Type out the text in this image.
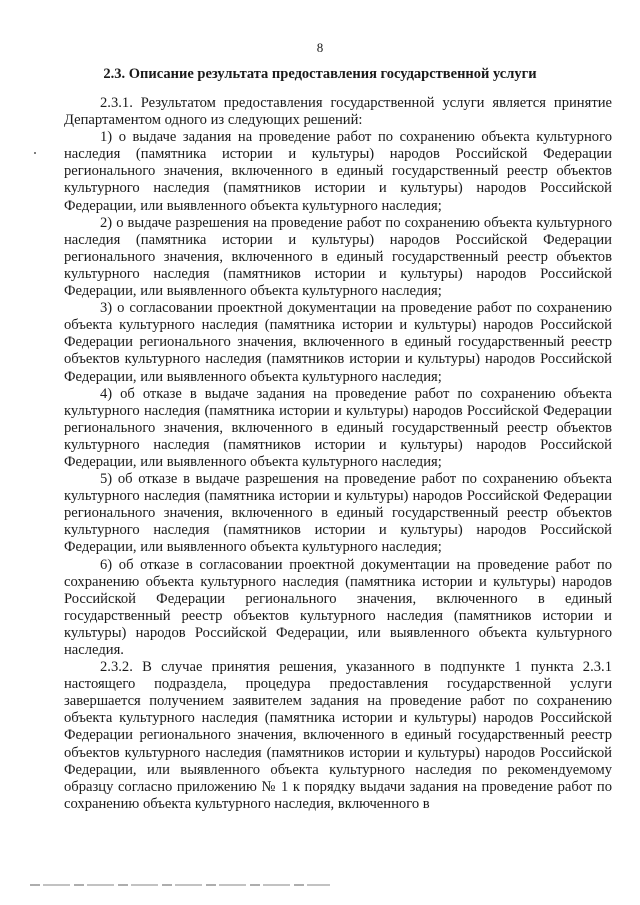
8
2.3. Описание результата предоставления государственной услуги

2.3.1. Результатом предоставления государственной услуги является принятие Департаментом одного из следующих решений:

1) о выдаче задания на проведение работ по сохранению объекта культурного наследия (памятника истории и культуры) народов Российской Федерации регионального значения, включенного в единый государственный реестр объектов культурного наследия (памятников истории и культуры) народов Российской Федерации, или выявленного объекта культурного наследия;

2) о выдаче разрешения на проведение работ по сохранению объекта культурного наследия (памятника истории и культуры) народов Российской Федерации регионального значения, включенного в единый государственный реестр объектов культурного наследия (памятников истории и культуры) народов Российской Федерации, или выявленного объекта культурного наследия;

3) о согласовании проектной документации на проведение работ по сохранению объекта культурного наследия (памятника истории и культуры) народов Российской Федерации регионального значения, включенного в единый государственный реестр объектов культурного наследия (памятников истории и культуры) народов Российской Федерации, или выявленного объекта культурного наследия;

4) об отказе в выдаче задания на проведение работ по сохранению объекта культурного наследия (памятника истории и культуры) народов Российской Федерации регионального значения, включенного в единый государственный реестр объектов культурного наследия (памятников истории и культуры) народов Российской Федерации, или выявленного объекта культурного наследия;

5) об отказе в выдаче разрешения на проведение работ по сохранению объекта культурного наследия (памятника истории и культуры) народов Российской Федерации регионального значения, включенного в единый государственный реестр объектов культурного наследия (памятников истории и культуры) народов Российской Федерации, или выявленного объекта культурного наследия;

6) об отказе в согласовании проектной документации на проведение работ по сохранению объекта культурного наследия (памятника истории и культуры) народов Российской Федерации регионального значения, включенного в единый государственный реестр объектов культурного наследия (памятников истории и культуры) народов Российской Федерации, или выявленного объекта культурного наследия.

2.3.2. В случае принятия решения, указанного в подпункте 1 пункта 2.3.1 настоящего подраздела, процедура предоставления государственной услуги завершается получением заявителем задания на проведение работ по сохранению объекта культурного наследия (памятника истории и культуры) народов Российской Федерации регионального значения, включенного в единый государственный реестр объектов культурного наследия (памятников истории и культуры) народов Российской Федерации, или выявленного объекта культурного наследия по рекомендуемому образцу согласно приложению № 1 к порядку выдачи задания на проведение работ по сохранению объекта культурного наследия, включенного в
